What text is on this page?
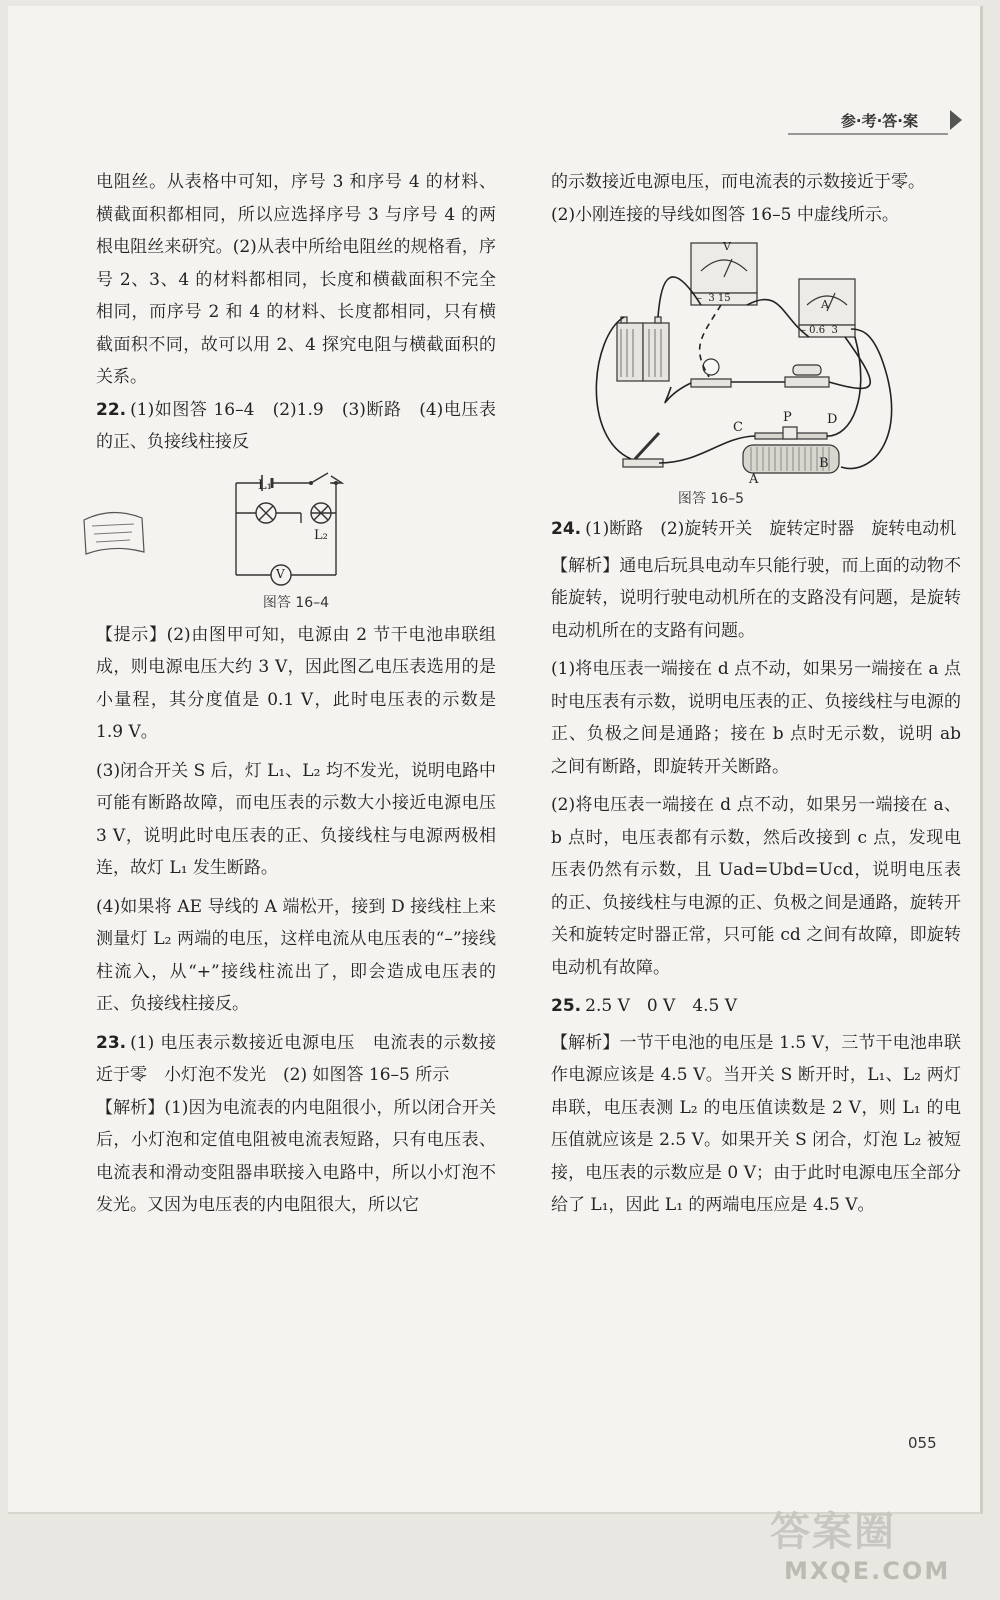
参·考·答·案

电阻丝。从表格中可知，序号 3 和序号 4 的材料、横截面积都相同，所以应选择序号 3 与序号 4 的两根电阻丝来研究。(2)从表中所给电阻丝的规格看，序号 2、3、4 的材料都相同，长度和横截面积不完全相同，而序号 2 和 4 的材料、长度都相同，只有横截面积不同，故可以用 2、4 探究电阻与横截面积的关系。

22. (1)如图答 16–4　(2)1.9　(3)断路　(4)电压表的正、负接线柱接反

L₁
L₂
V
图答 16–4

【提示】(2)由图甲可知，电源由 2 节干电池串联组成，则电源电压大约 3 V，因此图乙电压表选用的是小量程，其分度值是 0.1 V，此时电压表的示数是 1.9 V。

(3)闭合开关 S 后，灯 L₁、L₂ 均不发光，说明电路中可能有断路故障，而电压表的示数大小接近电源电压 3 V，说明此时电压表的正、负接线柱与电源两极相连，故灯 L₁ 发生断路。

(4)如果将 AE 导线的 A 端松开，接到 D 接线柱上来测量灯 L₂ 两端的电压，这样电流从电压表的“–”接线柱流入，从“+”接线柱流出了，即会造成电压表的正、负接线柱接反。

23. (1) 电压表示数接近电源电压　电流表的示数接近于零　小灯泡不发光　(2) 如图答 16–5 所示

【解析】(1)因为电流表的内电阻很小，所以闭合开关后，小灯泡和定值电阻被电流表短路，只有电压表、电流表和滑动变阻器串联接入电路中，所以小灯泡不发光。又因为电压表的内电阻很大，所以它

的示数接近电源电压，而电流表的示数接近于零。

(2)小刚连接的导线如图答 16–5 中虚线所示。

V
–  3 15	A
– 0.6  3
C
P	D
A
B
图答 16–5

24. (1)断路　(2)旋转开关　旋转定时器　旋转电动机

【解析】通电后玩具电动车只能行驶，而上面的动物不能旋转，说明行驶电动机所在的支路没有问题，是旋转电动机所在的支路有问题。

(1)将电压表一端接在 d 点不动，如果另一端接在 a 点时电压表有示数，说明电压表的正、负接线柱与电源的正、负极之间是通路；接在 b 点时无示数，说明 ab 之间有断路，即旋转开关断路。

(2)将电压表一端接在 d 点不动，如果另一端接在 a、b 点时，电压表都有示数，然后改接到 c 点，发现电压表仍然有示数，且 Uad=Ubd=Ucd，说明电压表的正、负接线柱与电源的正、负极之间是通路，旋转开关和旋转定时器正常，只可能 cd 之间有故障，即旋转电动机有故障。

25. 2.5 V　0 V　4.5 V

【解析】一节干电池的电压是 1.5 V，三节干电池串联作电源应该是 4.5 V。当开关 S 断开时，L₁、L₂ 两灯串联，电压表测 L₂ 的电压值读数是 2 V，则 L₁ 的电压值就应该是 2.5 V。如果开关 S 闭合，灯泡 L₂ 被短接，电压表的示数应是 0 V；由于此时电源电压全部分给了 L₁，因此 L₁ 的两端电压应是 4.5 V。

055
答案圈
MXQE.COM
